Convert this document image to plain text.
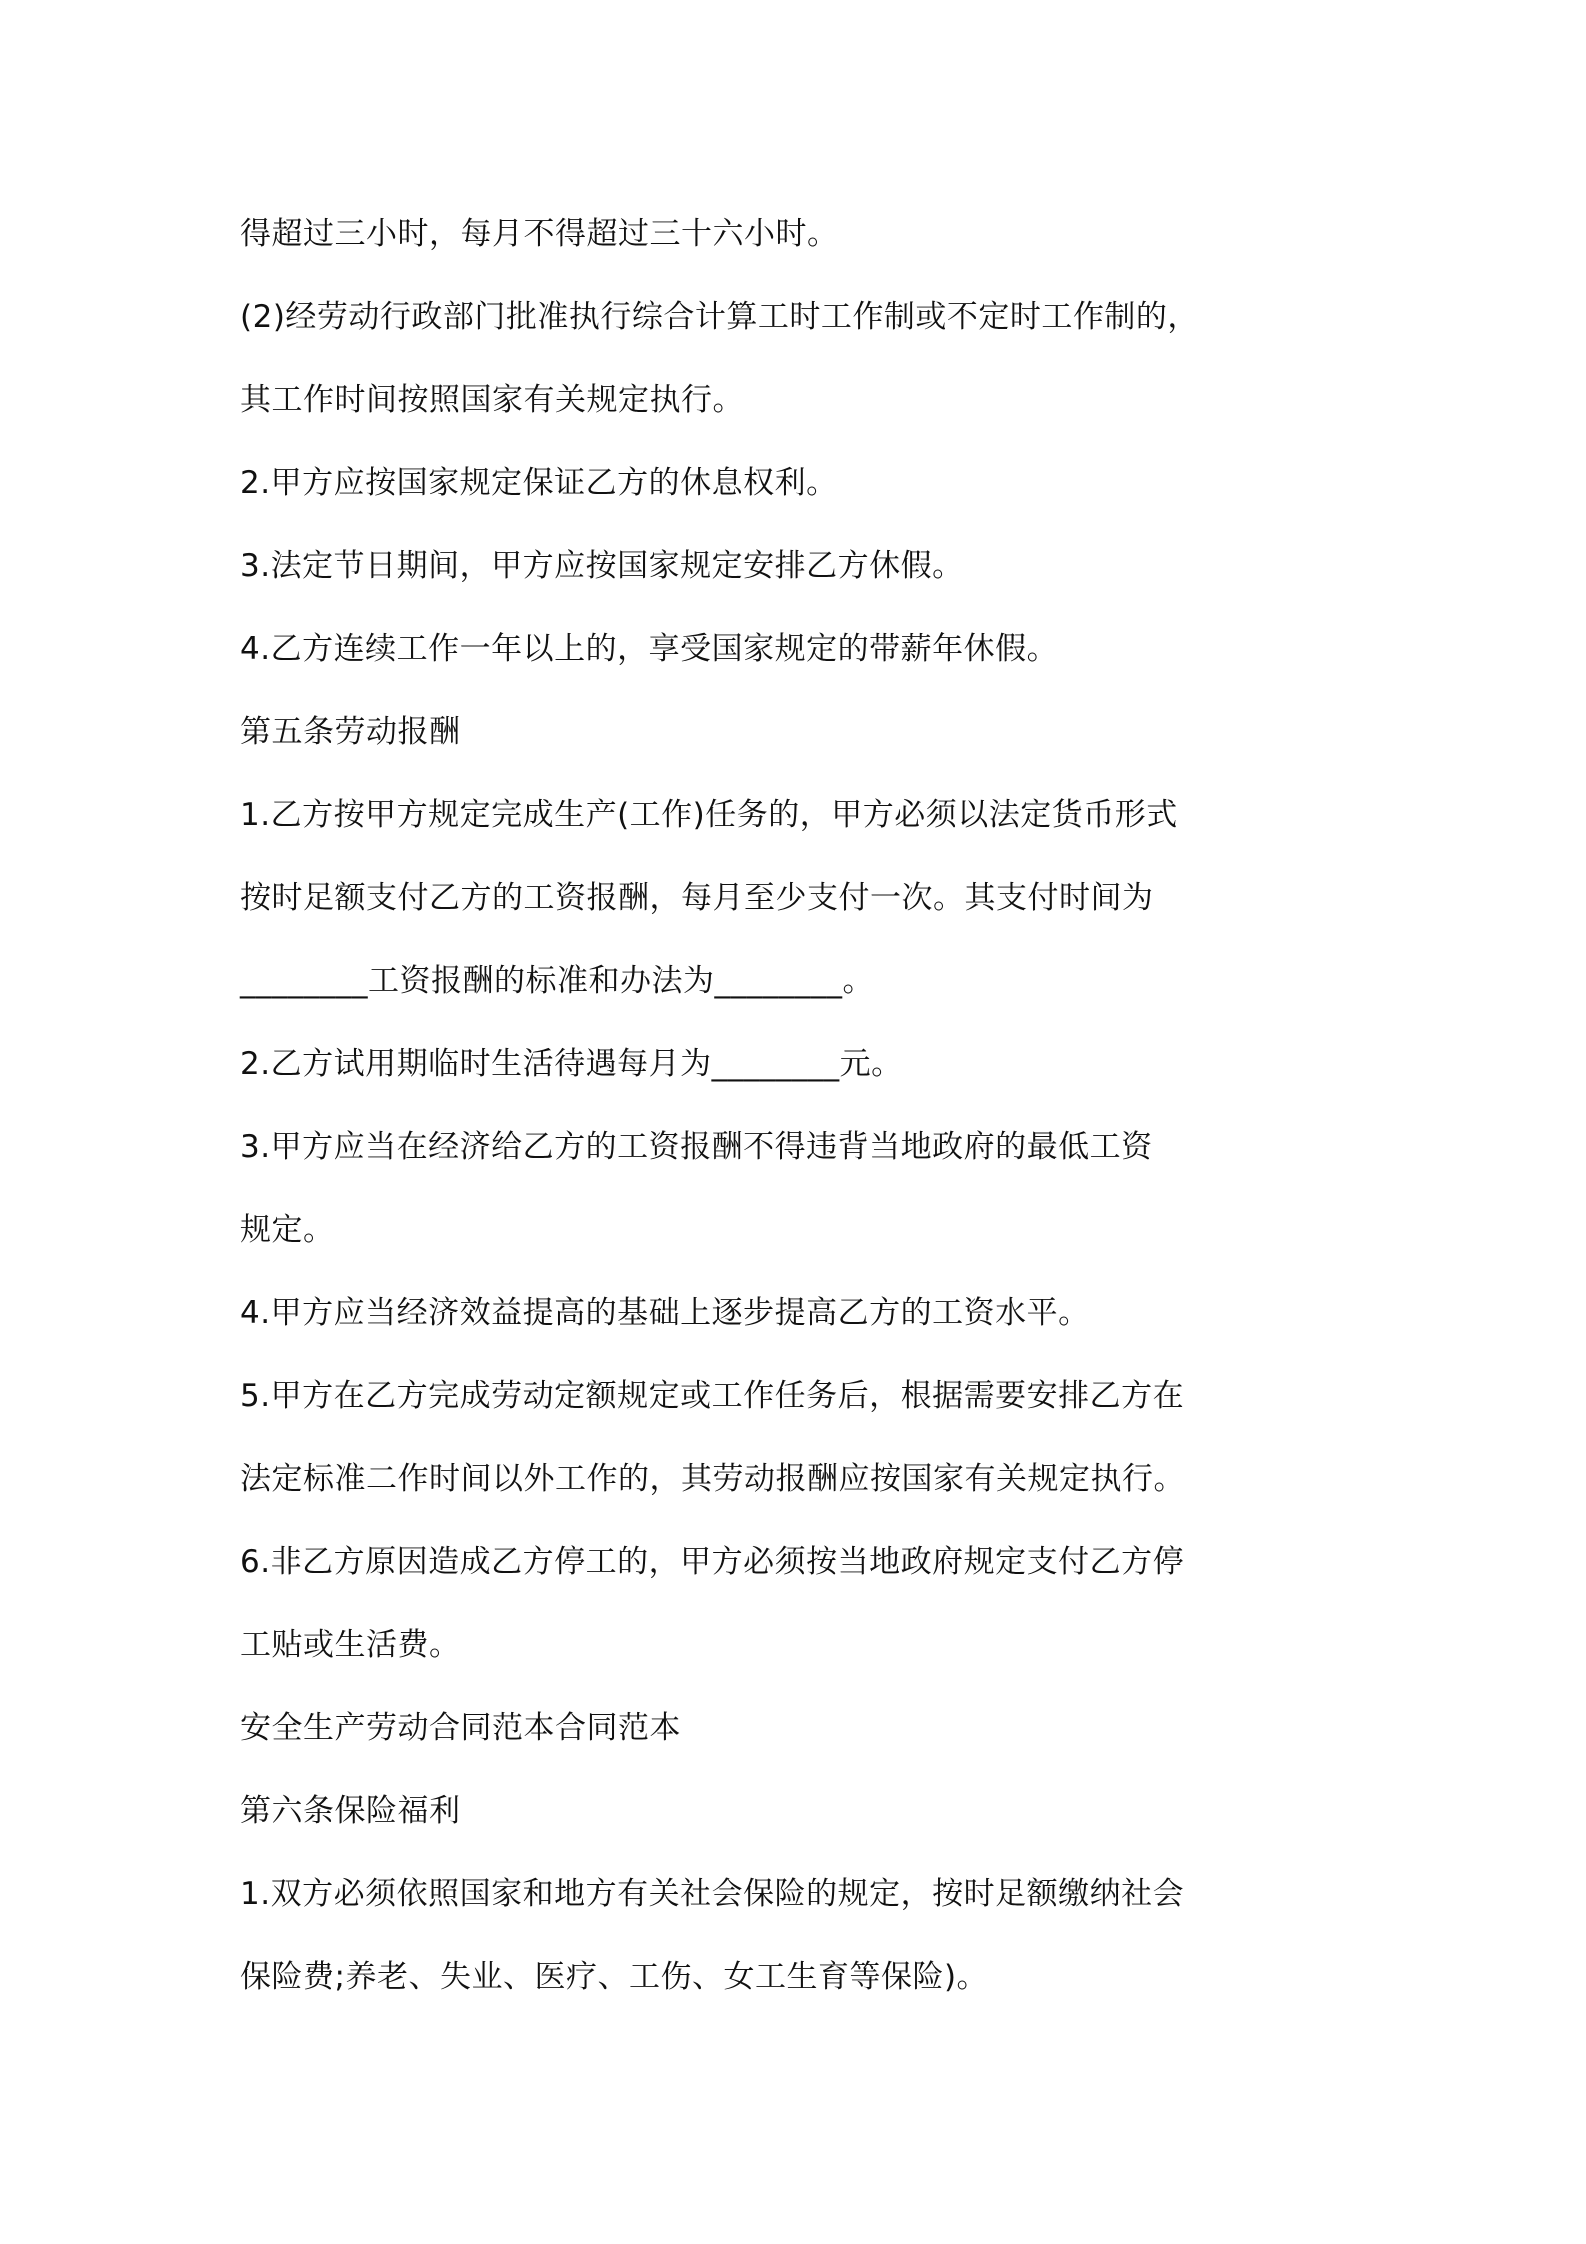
得超过三小时，每月不得超过三十六小时。

(2)经劳动行政部门批准执行综合计算工时工作制或不定时工作制的，

其工作时间按照国家有关规定执行。

2.甲方应按国家规定保证乙方的休息权利。

3.法定节日期间，甲方应按国家规定安排乙方休假。

4.乙方连续工作一年以上的，享受国家规定的带薪年休假。

第五条劳动报酬

1.乙方按甲方规定完成生产(工作)任务的，甲方必须以法定货币形式

按时足额支付乙方的工资报酬，每月至少支付一次。其支付时间为

________工资报酬的标准和办法为________。

2.乙方试用期临时生活待遇每月为________元。

3.甲方应当在经济给乙方的工资报酬不得违背当地政府的最低工资

规定。

4.甲方应当经济效益提高的基础上逐步提高乙方的工资水平。

5.甲方在乙方完成劳动定额规定或工作任务后，根据需要安排乙方在

法定标准二作时间以外工作的，其劳动报酬应按国家有关规定执行。

6.非乙方原因造成乙方停工的，甲方必须按当地政府规定支付乙方停

工贴或生活费。

安全生产劳动合同范本合同范本

第六条保险福利

1.双方必须依照国家和地方有关社会保险的规定，按时足额缴纳社会

保险费;养老、失业、医疗、工伤、女工生育等保险)。
